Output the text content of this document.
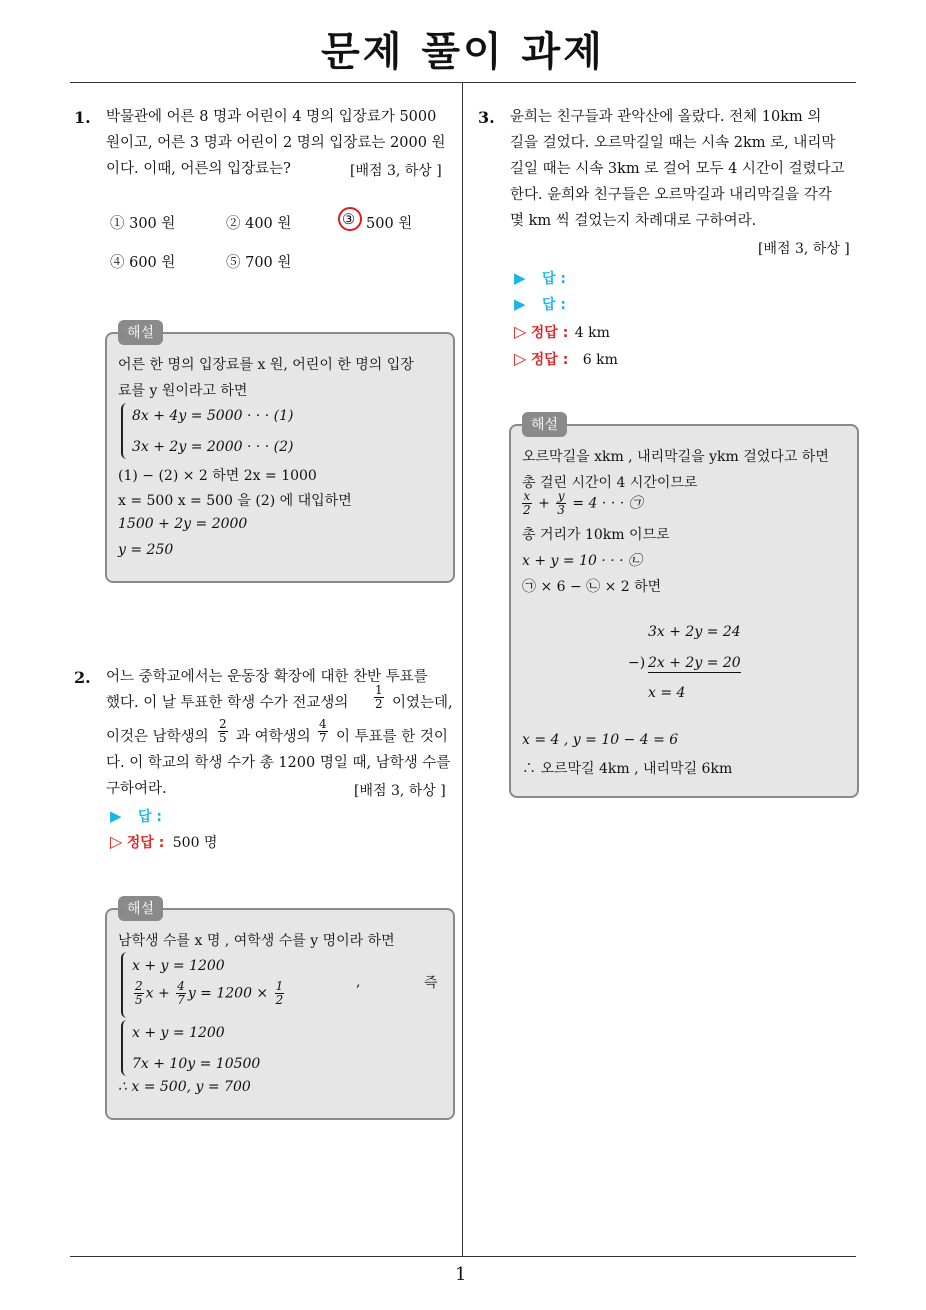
문제 풀이 과제
1
1. 박물관에 어른 8 명과 어린이 4 명의 입장료가 5000
원이고, 어른 3 명과 어린이 2 명의 입장료는 2000 원
이다. 이때, 어른의 입장료는?	[배점 3, 하상 ]
① 300 원	② 400 원	③ 500 원
④ 600 원	⑤ 700 원
해설
어른 한 명의 입장료를 x 원, 어린이 한 명의 입장
료를 y 원이라고 하면
8x + 4y = 5000 · · · (1)
3x + 2y = 2000 · · · (2)
(1) − (2) × 2 하면 2x = 1000
x = 500 x = 500 을 (2) 에 대입하면
1500 + 2y = 2000
y = 250
2. 어느 중학교에서는 운동장 확장에 대한 찬반 투표를
했다. 이 날 투표한 학생 수가 전교생의 $\frac{1}{2}$ 이였는데,
이것은 남학생의 $\frac{2}{5}$ 과 여학생의 $\frac{4}{7}$ 이 투표를 한 것이
다. 이 학교의 학생 수가 총 1200 명일 때, 남학생 수를
구하여라.	[배점 3, 하상 ]
▶ 답 :
▷ 정답 : 500 명
해설
남학생 수를 x 명 , 여학생 수를 y 명이라 하면
x + y = 1200
$\frac{2}{5}$ $x + \frac{4}{7}$ $y = 1200 \times \frac{1}{2}$	,	즉
x + y = 1200
7x + 10y = 10500
∴ x = 500, y = 700
3. 윤희는 친구들과 관악산에 올랐다. 전체 10km 의
길을 걸었다. 오르막길일 때는 시속 2km 로, 내리막
길일 때는 시속 3km 로 걸어 모두 4 시간이 걸렸다고
한다. 윤희와 친구들은 오르막길과 내리막길을 각각
몇 km 씩 걸었는지 차례대로 구하여라.
[배점 3, 하상 ]
▶ 답 :
▶ 답 :
▷ 정답 : 4 km
▷ 정답 : 6 km
해설
오르막길을 xkm , 내리막길을 ykm 걸었다고 하면
총 걸린 시간이 4 시간이므로
$\frac{x}{2} + \frac{y}{3} = 4$ · · · ㉠
총 거리가 10km 이므로
x + y = 10 · · · ㉡
㉠ × 6 − ㉡ × 2 하면
3x + 2y = 24
−) 2x + 2y = 20
x = 4
x = 4 , y = 10 − 4 = 6
∴ 오르막길 4km , 내리막길 6km
